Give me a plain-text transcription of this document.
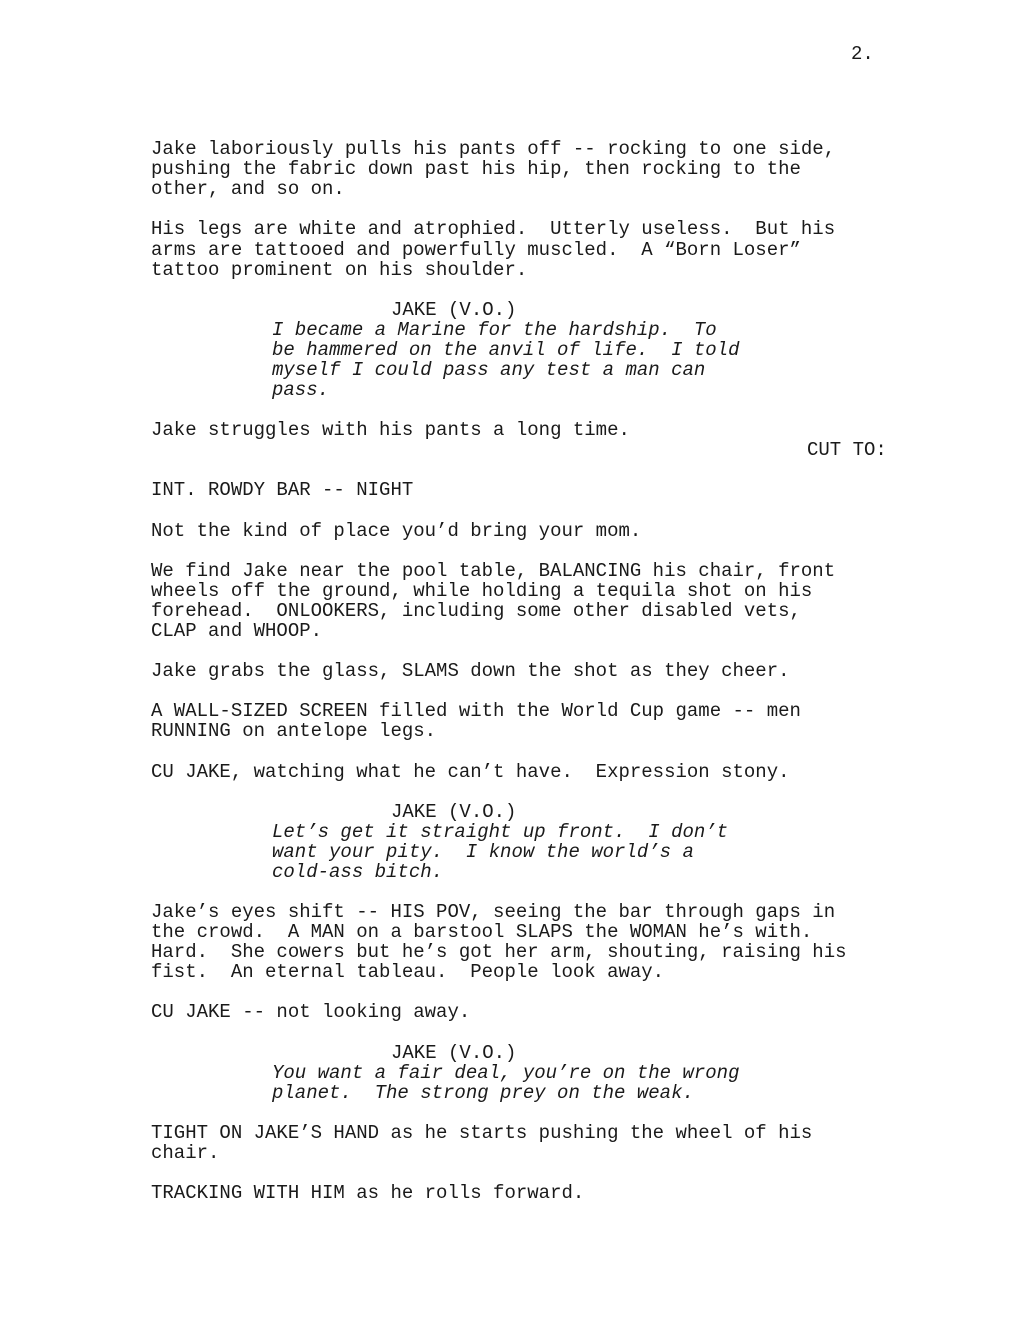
2.
Jake laboriously pulls his pants off -- rocking to one side,
pushing the fabric down past his hip, then rocking to the
other, and so on.
His legs are white and atrophied.  Utterly useless.  But his
arms are tattooed and powerfully muscled.  A “Born Loser”
tattoo prominent on his shoulder.
JAKE (V.O.)
I became a Marine for the hardship.  To
be hammered on the anvil of life.  I told
myself I could pass any test a man can
pass.
Jake struggles with his pants a long time.
CUT TO:
INT. ROWDY BAR -- NIGHT
Not the kind of place you’d bring your mom.
We find Jake near the pool table, BALANCING his chair, front
wheels off the ground, while holding a tequila shot on his
forehead.  ONLOOKERS, including some other disabled vets,
CLAP and WHOOP.
Jake grabs the glass, SLAMS down the shot as they cheer.
A WALL-SIZED SCREEN filled with the World Cup game -- men
RUNNING on antelope legs.
CU JAKE, watching what he can’t have.  Expression stony.
JAKE (V.O.)
Let’s get it straight up front.  I don’t
want your pity.  I know the world’s a
cold-ass bitch.
Jake’s eyes shift -- HIS POV, seeing the bar through gaps in
the crowd.  A MAN on a barstool SLAPS the WOMAN he’s with.
Hard.  She cowers but he’s got her arm, shouting, raising his
fist.  An eternal tableau.  People look away.
CU JAKE -- not looking away.
JAKE (V.O.)
You want a fair deal, you’re on the wrong
planet.  The strong prey on the weak.
TIGHT ON JAKE’S HAND as he starts pushing the wheel of his
chair.
TRACKING WITH HIM as he rolls forward.
